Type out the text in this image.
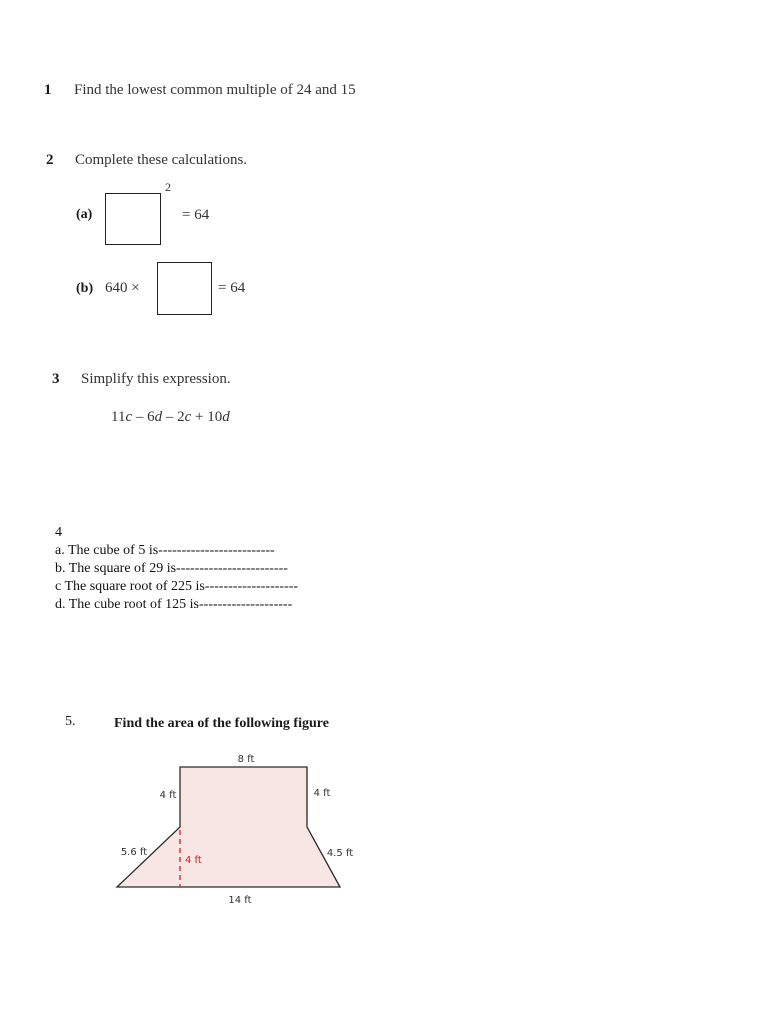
1 Find the lowest common multiple of 24 and 15
2 Complete these calculations.
(a)
2
= 64
(b) 640 ×	= 64
3 Simplify this expression.
11c – 6d – 2c + 10d
4
a. The cube of 5 is-------------------------
b. The square of 29 is------------------------
c The square root of 225 is--------------------
d. The cube root of 125 is--------------------
5.	Find the area of the following figure
8 ft
4 ft	4 ft
5.6 ft
4 ft
4.5 ft
14 ft
